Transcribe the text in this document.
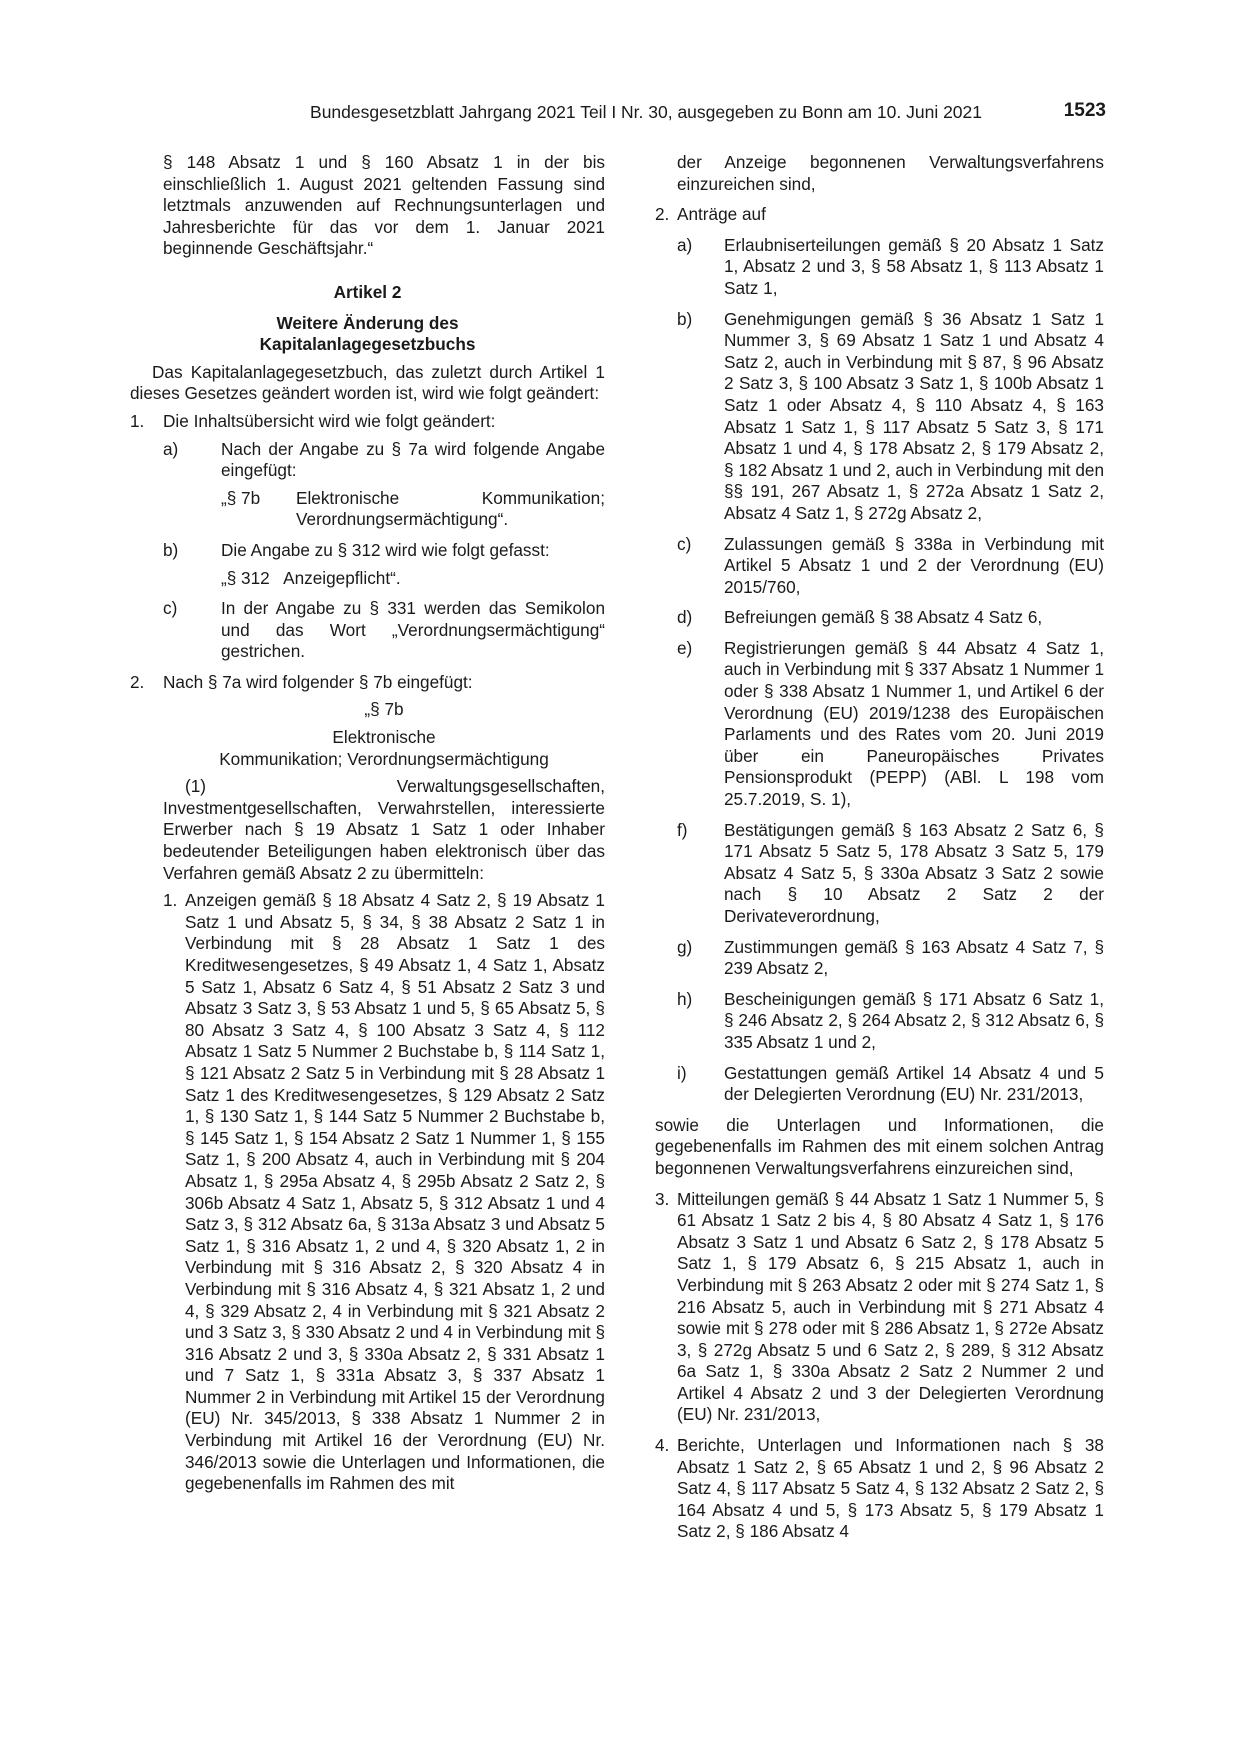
Bundesgesetzblatt Jahrgang 2021 Teil I Nr. 30, ausgegeben zu Bonn am 10. Juni 2021	1523

§ 148 Absatz 1 und § 160 Absatz 1 in der bis einschließlich 1. August 2021 geltenden Fassung sind letztmals anzuwenden auf Rechnungsunterlagen und Jahresberichte für das vor dem 1. Januar 2021 beginnende Geschäftsjahr.“

Artikel 2

Weitere Änderung des

Kapitalanlagegesetzbuchs

Das Kapitalanlagegesetzbuch, das zuletzt durch Artikel 1 dieses Gesetzes geändert worden ist, wird wie folgt geändert:

1. Die Inhaltsübersicht wird wie folgt geändert:

a) Nach der Angabe zu § 7a wird folgende Angabe eingefügt:

„§ 7b Elektronische Kommunikation; Verordnungsermächtigung“.

b) Die Angabe zu § 312 wird wie folgt gefasst:

„§ 312   Anzeigepflicht“.

c)	In der Angabe zu § 331 werden das Semikolon und das Wort „Verordnungsermächtigung“ gestrichen.

2. Nach § 7a wird folgender § 7b eingefügt:

„§ 7b

Elektronische

Kommunikation; Verordnungsermächtigung

(1) Verwaltungsgesellschaften, Investmentgesellschaften, Verwahrstellen, interessierte Erwerber nach § 19 Absatz 1 Satz 1 oder Inhaber bedeutender Beteiligungen haben elektronisch über das Verfahren gemäß Absatz 2 zu übermitteln:

1. Anzeigen gemäß § 18 Absatz 4 Satz 2, § 19 Absatz 1 Satz 1 und Absatz 5, § 34, § 38 Absatz 2 Satz 1 in Verbindung mit § 28 Absatz 1 Satz 1 des Kreditwesengesetzes, § 49 Absatz 1, 4 Satz 1, Absatz 5 Satz 1, Absatz 6 Satz 4, § 51 Absatz 2 Satz 3 und Absatz 3 Satz 3, § 53 Absatz 1 und 5, § 65 Absatz 5, § 80 Absatz 3 Satz 4, § 100 Absatz 3 Satz 4, § 112 Absatz 1 Satz 5 Nummer 2 Buchstabe b, § 114 Satz 1, § 121 Absatz 2 Satz 5 in Verbindung mit § 28 Absatz 1 Satz 1 des Kreditwesengesetzes, § 129 Absatz 2 Satz 1, § 130 Satz 1, § 144 Satz 5 Nummer 2 Buchstabe b, § 145 Satz 1, § 154 Absatz 2 Satz 1 Nummer 1, § 155 Satz 1, § 200 Absatz 4, auch in Verbindung mit § 204 Absatz 1, § 295a Absatz 4, § 295b Absatz 2 Satz 2, § 306b Absatz 4 Satz 1, Absatz 5, § 312 Absatz 1 und 4 Satz 3, § 312 Absatz 6a, § 313a Absatz 3 und Absatz 5 Satz 1, § 316 Absatz 1, 2 und 4, § 320 Absatz 1, 2 in Verbindung mit § 316 Absatz 2, § 320 Absatz 4 in Verbindung mit § 316 Absatz 4, § 321 Absatz 1, 2 und 4, § 329 Absatz 2, 4 in Verbindung mit § 321 Absatz 2 und 3 Satz 3, § 330 Absatz 2 und 4 in Verbindung mit § 316 Absatz 2 und 3, § 330a Absatz 2, § 331 Absatz 1 und 7 Satz 1, § 331a Absatz 3, § 337 Absatz 1 Nummer 2 in Verbindung mit Artikel 15 der Verordnung (EU) Nr. 345/2013, § 338 Absatz 1 Nummer 2 in Verbindung mit Artikel 16 der Verordnung (EU) Nr. 346/2013 sowie die Unterlagen und Informationen, die gegebenenfalls im Rahmen des mit

der Anzeige begonnenen Verwaltungsverfahrens einzureichen sind,

2. Anträge auf

a) Erlaubniserteilungen gemäß § 20 Absatz 1 Satz 1, Absatz 2 und 3, § 58 Absatz 1, § 113 Absatz 1 Satz 1,

b) Genehmigungen gemäß § 36 Absatz 1 Satz 1 Nummer 3, § 69 Absatz 1 Satz 1 und Absatz 4 Satz 2, auch in Verbindung mit § 87, § 96 Absatz 2 Satz 3, § 100 Absatz 3 Satz 1, § 100b Absatz 1 Satz 1 oder Absatz 4, § 110 Absatz 4, § 163 Absatz 1 Satz 1, § 117 Absatz 5 Satz 3, § 171 Absatz 1 und 4, § 178 Absatz 2, § 179 Absatz 2, § 182 Absatz 1 und 2, auch in Verbindung mit den §§ 191, 267 Absatz 1, § 272a Absatz 1 Satz 2, Absatz 4 Satz 1, § 272g Absatz 2,

c) Zulassungen gemäß § 338a in Verbindung mit Artikel 5 Absatz 1 und 2 der Verordnung (EU) 2015/760,

d) Befreiungen gemäß § 38 Absatz 4 Satz 6,

e) Registrierungen gemäß § 44 Absatz 4 Satz 1, auch in Verbindung mit § 337 Absatz 1 Nummer 1 oder § 338 Absatz 1 Nummer 1, und Artikel 6 der Verordnung (EU) 2019/1238 des Europäischen Parlaments und des Rates vom 20. Juni 2019 über ein Paneuropäisches Privates Pensionsprodukt (PEPP) (ABl. L 198 vom 25.7.2019, S. 1),

f) Bestätigungen gemäß § 163 Absatz 2 Satz 6, § 171 Absatz 5 Satz 5, 178 Absatz 3 Satz 5, 179 Absatz 4 Satz 5, § 330a Absatz 3 Satz 2 sowie nach § 10 Absatz 2 Satz 2 der Derivateverordnung,

g) Zustimmungen gemäß § 163 Absatz 4 Satz 7, § 239 Absatz 2,

h) Bescheinigungen gemäß § 171 Absatz 6 Satz 1, § 246 Absatz 2, § 264 Absatz 2, § 312 Absatz 6, § 335 Absatz 1 und 2,

i) Gestattungen gemäß Artikel 14 Absatz 4 und 5 der Delegierten Verordnung (EU) Nr. 231/2013,

sowie die Unterlagen und Informationen, die gegebenenfalls im Rahmen des mit einem solchen Antrag begonnenen Verwaltungsverfahrens einzureichen sind,

3. Mitteilungen gemäß § 44 Absatz 1 Satz 1 Nummer 5, § 61 Absatz 1 Satz 2 bis 4, § 80 Absatz 4 Satz 1, § 176 Absatz 3 Satz 1 und Absatz 6 Satz 2, § 178 Absatz 5 Satz 1, § 179 Absatz 6, § 215 Absatz 1, auch in Verbindung mit § 263 Absatz 2 oder mit § 274 Satz 1, § 216 Absatz 5, auch in Verbindung mit § 271 Absatz 4 sowie mit § 278 oder mit § 286 Absatz 1, § 272e Absatz 3, § 272g Absatz 5 und 6 Satz 2, § 289, § 312 Absatz 6a Satz 1, § 330a Absatz 2 Satz 2 Nummer 2 und Artikel 4 Absatz 2 und 3 der Delegierten Verordnung (EU) Nr. 231/2013,

4. Berichte, Unterlagen und Informationen nach § 38 Absatz 1 Satz 2, § 65 Absatz 1 und 2, § 96 Absatz 2 Satz 4, § 117 Absatz 5 Satz 4, § 132 Absatz 2 Satz 2, § 164 Absatz 4 und 5, § 173 Absatz 5, § 179 Absatz 1 Satz 2, § 186 Absatz 4
